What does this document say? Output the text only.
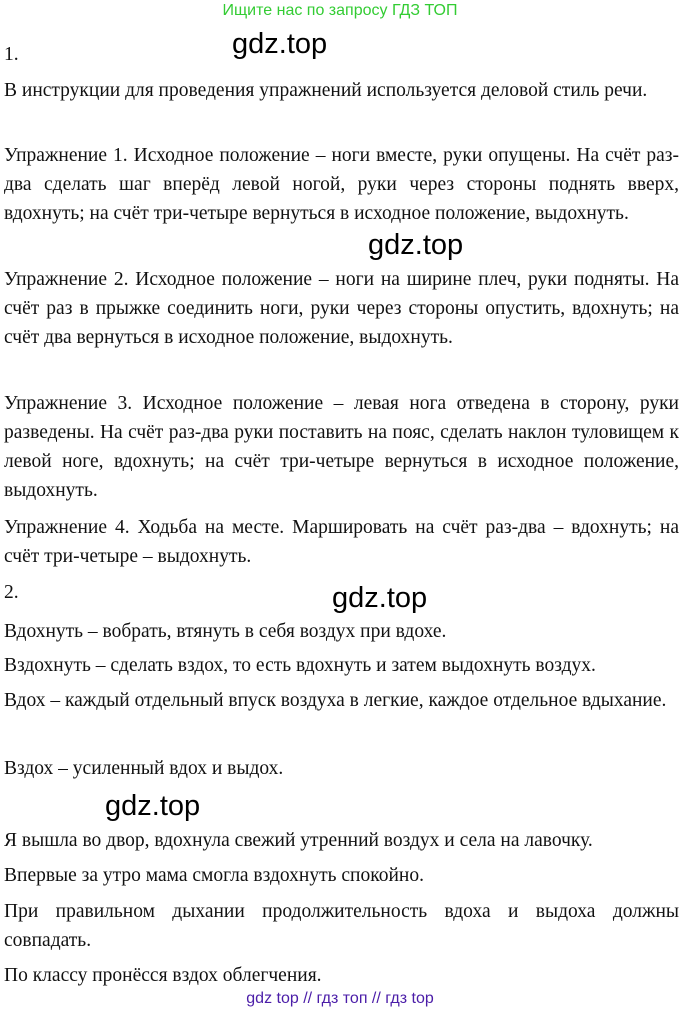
Ищите нас по запросу ГДЗ ТОП
1.	gdz.top
В инструкции для проведения упражнений используется деловой стиль речи.
Упражнение 1. Исходное положение – ноги вместе, руки опущены. На счёт раз-два сделать шаг вперёд левой ногой, руки через стороны поднять вверх, вдохнуть; на счёт три-четыре вернуться в исходное положение, выдохнуть.
gdz.top
Упражнение 2. Исходное положение – ноги на ширине плеч, руки подняты. На счёт раз в прыжке соединить ноги, руки через стороны опустить, вдохнуть; на счёт два вернуться в исходное положение, выдохнуть.
Упражнение 3. Исходное положение – левая нога отведена в сторону, руки разведены. На счёт раз-два руки поставить на пояс, сделать наклон туловищем к левой ноге, вдохнуть; на счёт три-четыре вернуться в исходное положение, выдохнуть.
Упражнение 4. Ходьба на месте. Маршировать на счёт раз-два – вдохнуть; на счёт три-четыре – выдохнуть.
2.	gdz.top
Вдохнуть – вобрать, втянуть в себя воздух при вдохе.
Вздохнуть – сделать вздох, то есть вдохнуть и затем выдохнуть воздух.
Вдох – каждый отдельный впуск воздуха в легкие, каждое отдельное вдыхание.
Вздох – усиленный вдох и выдох.
gdz.top
Я вышла во двор, вдохнула свежий утренний воздух и села на лавочку.
Впервые за утро мама смогла вздохнуть спокойно.
При правильном дыхании продолжительность вдоха и выдоха должны совпадать.
По классу пронёсся вздох облегчения.
gdz top // гдз топ // гдз top
